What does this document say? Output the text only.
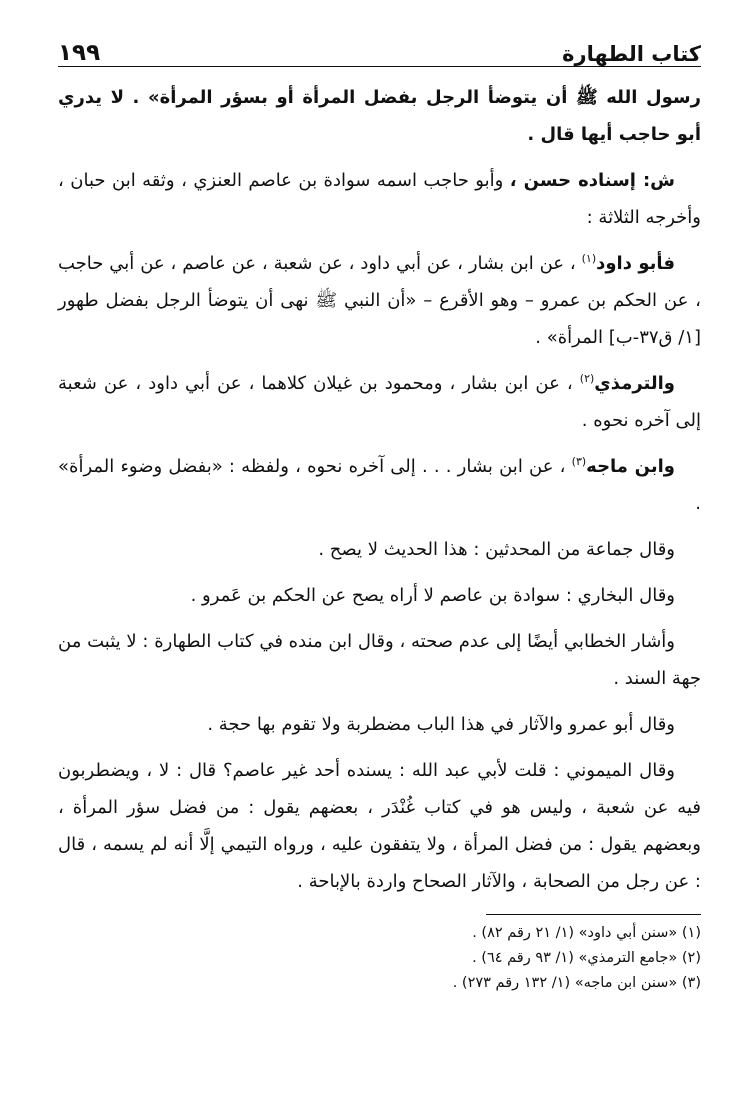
كتاب الطهارة
١٩٩

رسول الله ﷺ أن يتوضأ الرجل بفضل المرأة أو بسؤر المرأة» . لا يدري أبو حاجب أيها قال .

ش: إسناده حسن ، وأبو حاجب اسمه سوادة بن عاصم العنزي ، وثقه ابن حبان ، وأخرجه الثلاثة :

فأبو داود$^{(١)}$ ، عن ابن بشار ، عن أبي داود ، عن شعبة ، عن عاصم ، عن أبي حاجب ، عن الحكم بن عمرو – وهو الأقرع – «أن النبي ﷺ نهى أن يتوضأ الرجل بفضل طهور [١/ ق٣٧-ب] المرأة» .

والترمذي$^{(٢)}$ ، عن ابن بشار ، ومحمود بن غيلان كلاهما ، عن أبي داود ، عن شعبة إلى آخره نحوه .

وابن ماجه$^{(٣)}$ ، عن ابن بشار . . . إلى آخره نحوه ، ولفظه : «بفضل وضوء المرأة» .

وقال جماعة من المحدثين : هذا الحديث لا يصح .

وقال البخاري : سوادة بن عاصم لا أراه يصح عن الحكم بن عَمرو .

وأشار الخطابي أيضًا إلى عدم صحته ، وقال ابن منده في كتاب الطهارة : لا يثبت من جهة السند .

وقال أبو عمرو والآثار في هذا الباب مضطربة ولا تقوم بها حجة .

وقال الميموني : قلت لأبي عبد الله : يسنده أحد غير عاصم؟ قال : لا ، ويضطربون فيه عن شعبة ، وليس هو في كتاب غُنْدَر ، بعضهم يقول : من فضل سؤر المرأة ، وبعضهم يقول : من فضل المرأة ، ولا يتفقون عليه ، ورواه التيمي إلَّا أنه لم يسمه ، قال : عن رجل من الصحابة ، والآثار الصحاح واردة بالإباحة .

(١) «سنن أبي داود» (١/ ٢١ رقم ٨٢) .

(٢) «جامع الترمذي» (١/ ٩٣ رقم ٦٤) .

(٣) «سنن ابن ماجه» (١/ ١٣٢ رقم ٢٧٣) .
